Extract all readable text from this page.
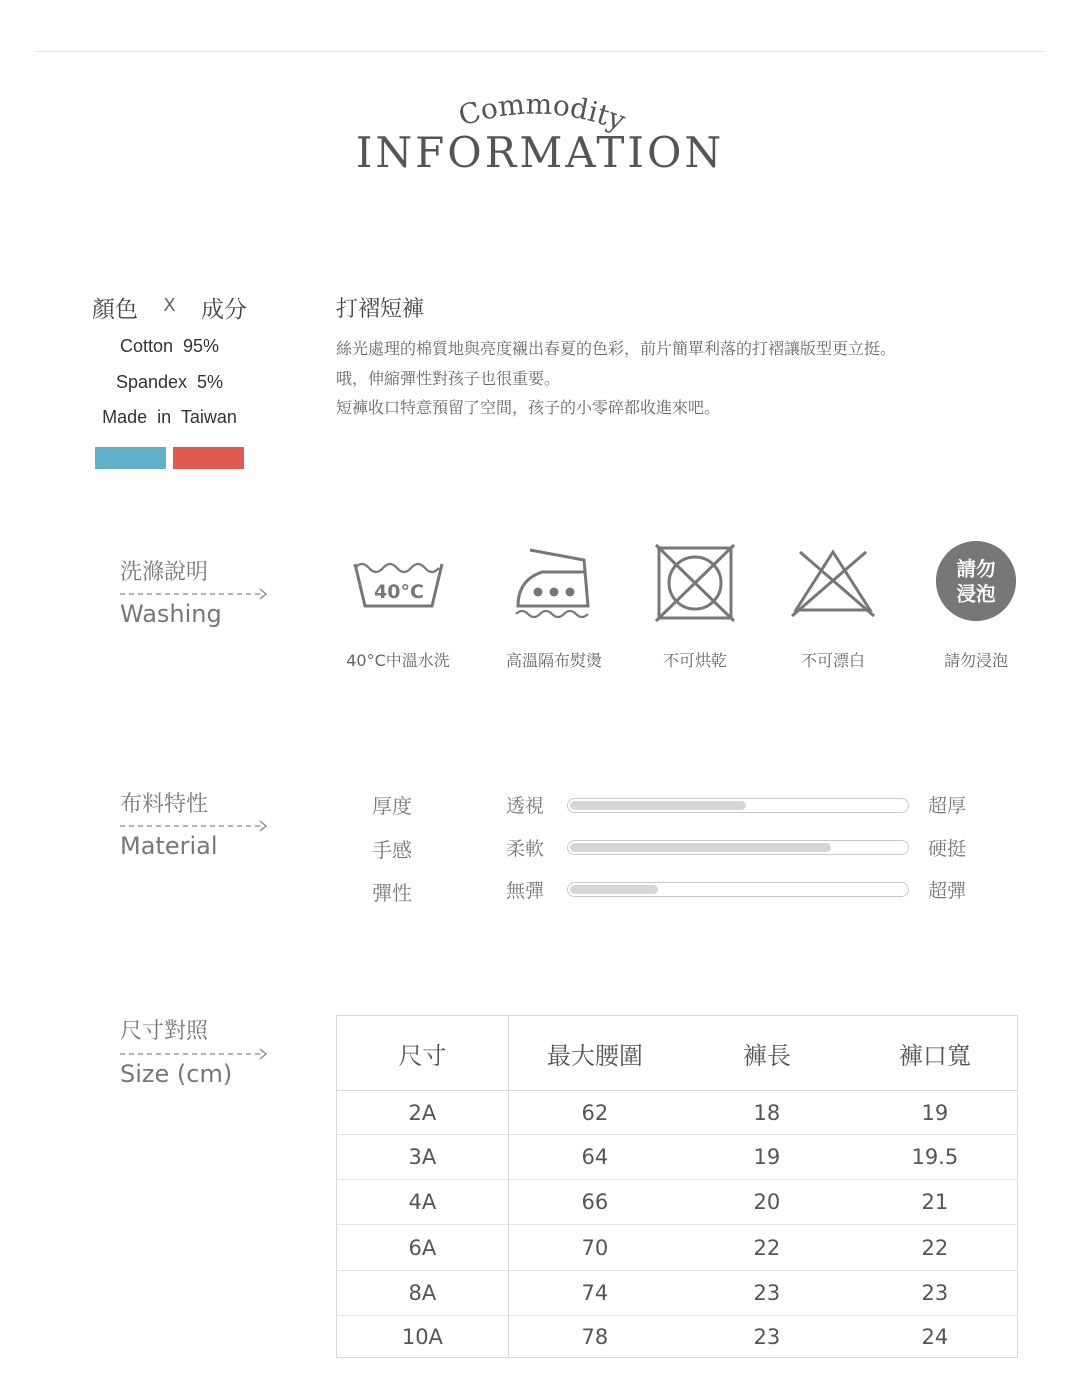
Commodity
INFORMATION
顏色 X 成分
Cotton 95%
Spandex 5%
Made in Taiwan
打褶短褲
絲光處理的棉質地與亮度襯出春夏的色彩，前片簡單利落的打褶讓版型更立挺。
哦，伸縮彈性對孩子也很重要。
短褲收口特意預留了空間，孩子的小零碎都收進來吧。
洗滌說明
Washing
40°C
請勿
浸泡
40°C中溫水洗	高溫隔布熨燙	不可烘乾	不可漂白	請勿浸泡
布料特性
Material
厚度	透視	超厚
手感	柔軟	硬挺
彈性	無彈	超彈
尺寸對照
Size (cm)
尺寸	最大腰圍	褲長	褲口寬
2A	62	18	19
3A	64	19	19.5
4A	66	20	21
6A	70	22	22
8A	74	23	23
10A	78	23	24
